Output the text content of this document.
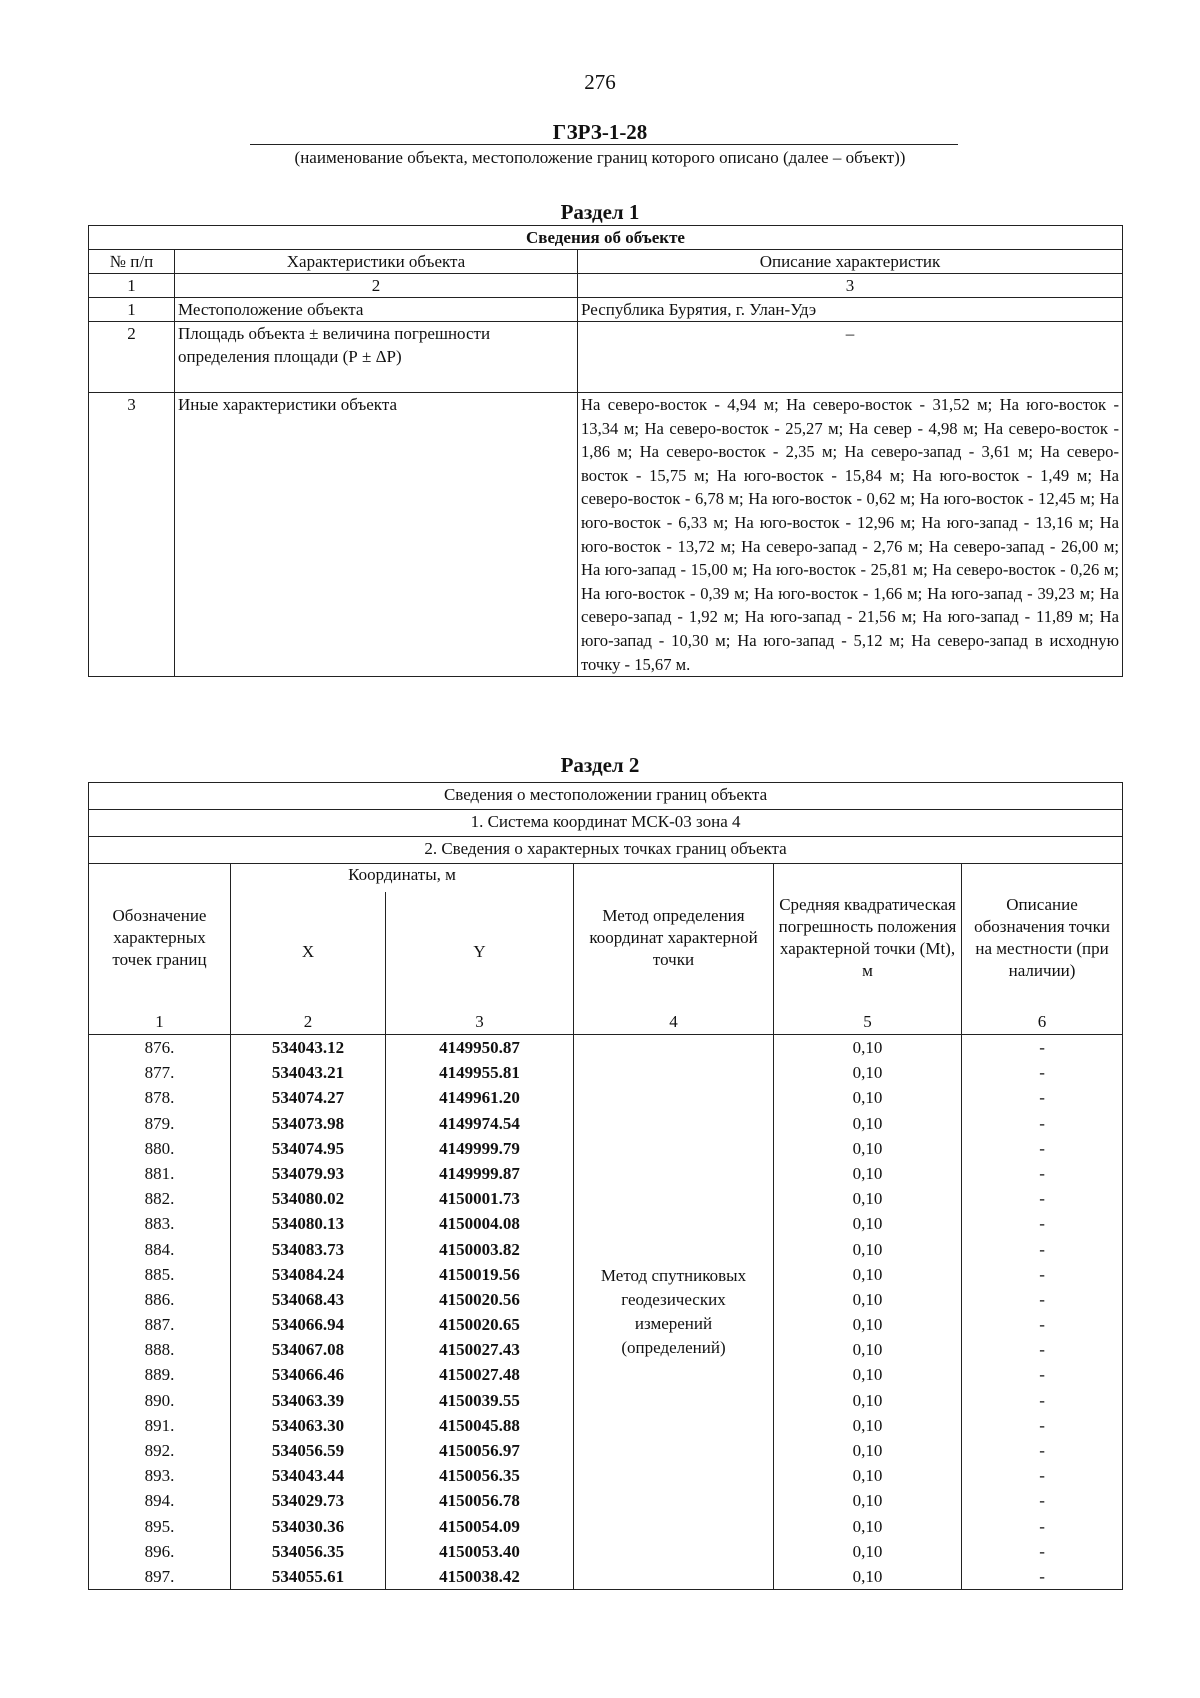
276
ГЗРЗ-1-28
(наименование объекта, местоположение границ которого описано (далее – объект))
Раздел 1
Сведения об объекте		
№ п/п	Характеристики объекта	Описание характеристик
1	2	3
1	Местоположение объекта	Республика Бурятия, г. Улан-Удэ
2	Площадь объекта ± величина погрешности определения площади (Р ± ΔР)	–
3	Иные характеристики объекта	На северо-восток - 4,94 м; На северо-восток - 31,52 м; На юго-восток - 13,34 м; На северо-восток - 25,27 м; На север - 4,98 м; На северо-восток - 1,86 м; На северо-восток - 2,35 м; На северо-запад - 3,61 м; На северо-восток - 15,75 м; На юго-восток - 15,84 м; На юго-восток - 1,49 м; На северо-восток - 6,78 м; На юго-восток - 0,62 м; На юго-восток - 12,45 м; На юго-восток - 6,33 м; На юго-восток - 12,96 м; На юго-запад - 13,16 м; На юго-восток - 13,72 м; На северо-запад - 2,76 м; На северо-запад - 26,00 м; На юго-запад - 15,00 м; На юго-восток - 25,81 м; На северо-восток - 0,26 м; На юго-восток - 0,39 м; На юго-восток - 1,66 м; На юго-запад - 39,23 м; На северо-запад - 1,92 м; На юго-запад - 21,56 м; На юго-запад - 11,89 м; На юго-запад - 10,30 м; На юго-запад - 5,12 м; На северо-запад в исходную точку - 15,67 м.
Раздел 2
Сведения о местоположении границ объекта					
1. Система координат МСК-03 зона 4					
2. Сведения о характерных точках границ объекта					
Обозначение характерных точек границ	Координаты, м		Метод определения координат характерной точки	Средняя квадратическая погрешность положения характерной точки (Mt), м	Описание обозначения точки на местности (при наличии)
	X	Y			
1	2	3	4	5	6
876.	534043.12	4149950.87	Метод спутниковых геодезических измерений (определений)	0,10	-
877.	534043.21	4149955.81		0,10	-
878.	534074.27	4149961.20		0,10	-
879.	534073.98	4149974.54		0,10	-
880.	534074.95	4149999.79		0,10	-
881.	534079.93	4149999.87		0,10	-
882.	534080.02	4150001.73		0,10	-
883.	534080.13	4150004.08		0,10	-
884.	534083.73	4150003.82		0,10	-
885.	534084.24	4150019.56		0,10	-
886.	534068.43	4150020.56		0,10	-
887.	534066.94	4150020.65		0,10	-
888.	534067.08	4150027.43		0,10	-
889.	534066.46	4150027.48		0,10	-
890.	534063.39	4150039.55		0,10	-
891.	534063.30	4150045.88		0,10	-
892.	534056.59	4150056.97		0,10	-
893.	534043.44	4150056.35		0,10	-
894.	534029.73	4150056.78		0,10	-
895.	534030.36	4150054.09		0,10	-
896.	534056.35	4150053.40		0,10	-
897.	534055.61	4150038.42		0,10	-
